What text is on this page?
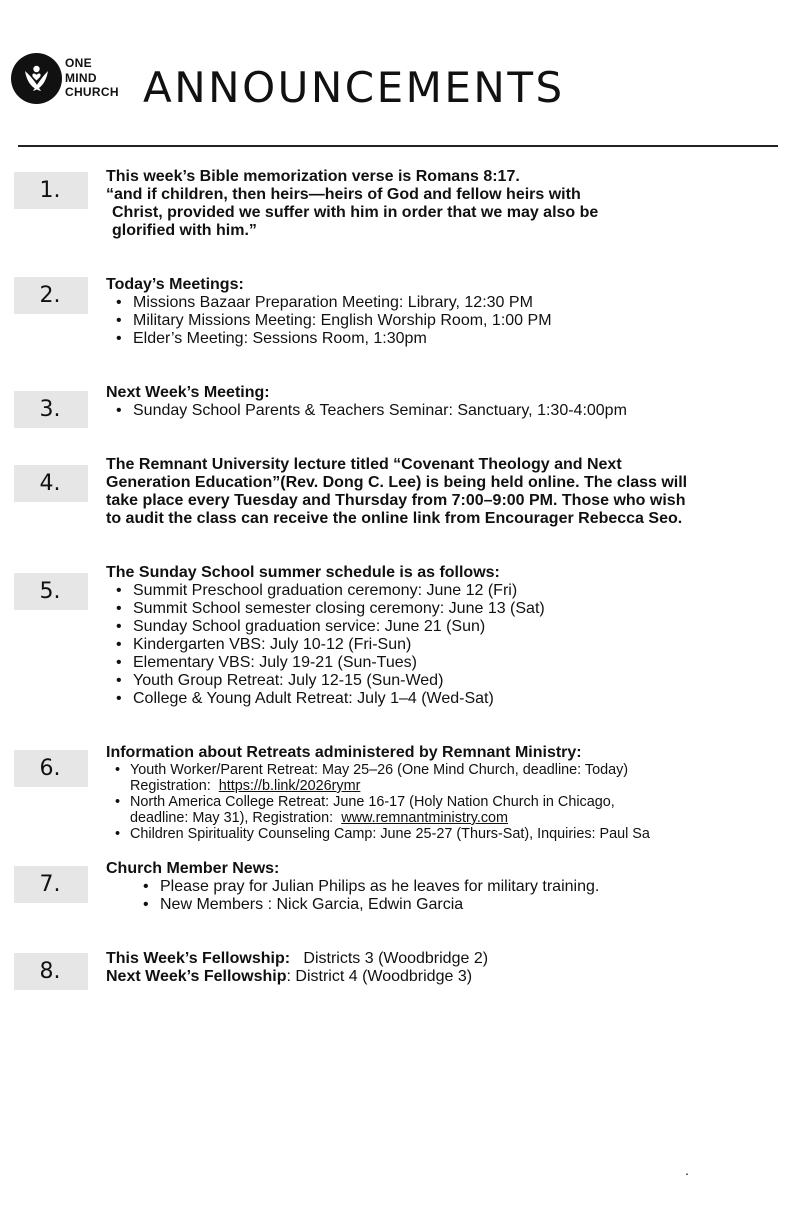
ONE
MIND
CHURCH ANNOUNCEMENTS
1.
This week’s Bible memorization verse is Romans 8:17.
“and if children, then heirs—heirs of God and fellow heirs with
Christ, provided we suffer with him in order that we may also be
glorified with him.”
2.	Today’s Meetings:
• Missions Bazaar Preparation Meeting: Library, 12:30 PM
• Military Missions Meeting: English Worship Room, 1:00 PM
• Elder’s Meeting: Sessions Room, 1:30pm
3.
Next Week’s Meeting:
• Sunday School Parents & Teachers Seminar: Sanctuary, 1:30-4:00pm
4.
The Remnant University lecture titled “Covenant Theology and Next
Generation Education”(Rev. Dong C. Lee) is being held online. The class will
take place every Tuesday and Thursday from 7:00–9:00 PM. Those who wish
to audit the class can receive the online link from Encourager Rebecca Seo.
5.
The Sunday School summer schedule is as follows:
• Summit Preschool graduation ceremony: June 12 (Fri)
• Summit School semester closing ceremony: June 13 (Sat)
• Sunday School graduation service: June 21 (Sun)
• Kindergarten VBS: July 10-12 (Fri-Sun)
• Elementary VBS: July 19-21 (Sun-Tues)
• Youth Group Retreat: July 12-15 (Sun-Wed)
• College & Young Adult Retreat: July 1–4 (Wed-Sat)
6.
Information about Retreats administered by Remnant Ministry:
• Youth Worker/Parent Retreat: May 25–26 (One Mind Church, deadline: Today)
Registration: https://b.link/2026rymr
• North America College Retreat: June 16-17 (Holy Nation Church in Chicago,
deadline: May 31), Registration: www.remnantministry.com
• Children Spirituality Counseling Camp: June 25-27 (Thurs-Sat), Inquiries: Paul Sa
7.
Church Member News:
• Please pray for Julian Philips as he leaves for military training.
• New Members : Nick Garcia, Edwin Garcia
8.
This Week’s Fellowship: Districts 3 (Woodbridge 2)
Next Week’s Fellowship: District 4 (Woodbridge 3)
.
